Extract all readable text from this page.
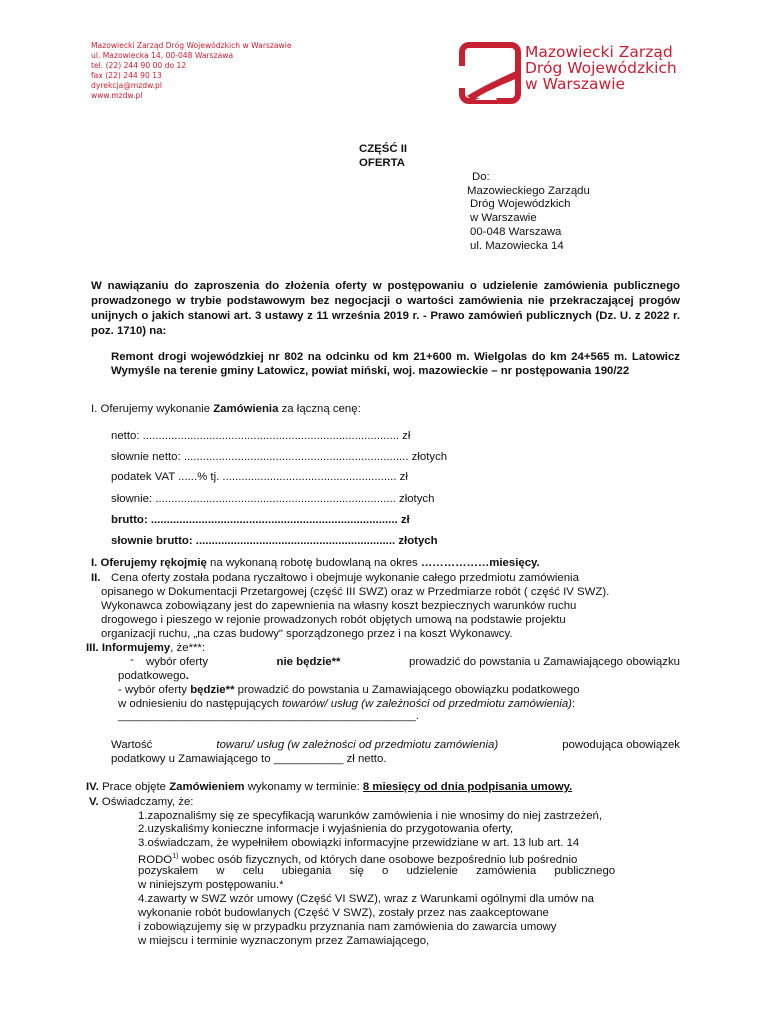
Mazowiecki Zarząd Dróg Wojewódzkich w Warszawie
ul. Mazowiecka 14, 00-048 Warszawa
tel. (22) 244 90 00 do 12
fax (22) 244 90 13
dyrekcja@mzdw.pl
www.mzdw.pl
Mazowiecki Zarząd
Dróg Wojewódzkich
w Warszawie
CZĘŚĆ II
OFERTA
Do:
Mazowieckiego Zarządu
Dróg Wojewódzkich
w Warszawie
00-048 Warszawa
ul. Mazowiecka 14
W nawiązaniu do zaproszenia do złożenia oferty w postępowaniu o udzielenie zamówienia publicznego prowadzonego w trybie podstawowym bez negocjacji o wartości zamówienia nie przekraczającej progów unijnych o jakich stanowi art. 3 ustawy z 11 września 2019 r. - Prawo zamówień publicznych (Dz. U. z 2022 r. poz. 1710) na:
Remont drogi wojewódzkiej nr 802 na odcinku od km 21+600 m. Wielgolas do km 24+565 m. Latowicz Wymyśle na terenie gminy Latowicz, powiat miński, woj. mazowieckie – nr postępowania 190/22
I. Oferujemy wykonanie Zamówienia za łączną cenę:
netto: ................................................................................. zł
słownie netto: ....................................................................... złotych
podatek VAT ......% tj. ....................................................... zł
słownie: ............................................................................ złotych
brutto: .............................................................................. zł
słownie brutto: ............................................................... złotych
I. Oferujemy rękojmię na wykonaną robotę budowlaną na okres ………………miesięcy.
II. Cena oferty została podana ryczałtowo i obejmuje wykonanie całego przedmiotu zamówienia
opisanego w Dokumentacji Przetargowej (część III SWZ) oraz w Przedmiarze robót ( część IV SWZ).
Wykonawca zobowiązany jest do zapewnienia na własny koszt bezpiecznych warunków ruchu
drogowego i pieszego w rejonie prowadzonych robót objętych umową na podstawie projektu
organizacji ruchu, „na czas budowy" sporządzonego przez i na koszt Wykonawcy.
III. Informujemy, że***:
- wybór oferty	nie będzie**	prowadzić do powstania u Zamawiającego obowiązku
podatkowego.
- wybór oferty będzie** prowadzić do powstania u Zamawiającego obowiązku podatkowego
w odniesieniu do następujących towarów/ usług (w zależności od przedmiotu zamówienia):
_______________________________________________.
Wartość	towaru/ usług (w zależności od przedmiotu zamówienia)	powodująca obowiązek
podatkowy u Zamawiającego to ___________ zł netto.
IV. Prace objęte Zamówieniem wykonamy w terminie: 8 miesięcy od dnia podpisania umowy.
V. Oświadczamy, że:
1.zapoznaliśmy się ze specyfikacją warunków zamówienia i nie wnosimy do niej zastrzeżeń,
2.uzyskaliśmy konieczne informacje i wyjaśnienia do przygotowania oferty,
3.oświadczam, że wypełniłem obowiązki informacyjne przewidziane w art. 13 lub art. 14
RODO$^{1)}$ wobec osób fizycznych, od których dane osobowe bezpośrednio lub pośrednio
pozyskałem w celu ubiegania się o udzielenie zamówienia publicznego
w niniejszym postępowaniu.*
4.zawarty w SWZ wzór umowy (Część VI SWZ), wraz z Warunkami ogólnymi dla umów na
wykonanie robót budowlanych (Część V SWZ), zostały przez nas zaakceptowane
i zobowiązujemy się w przypadku przyznania nam zamówienia do zawarcia umowy
w miejscu i terminie wyznaczonym przez Zamawiającego,
